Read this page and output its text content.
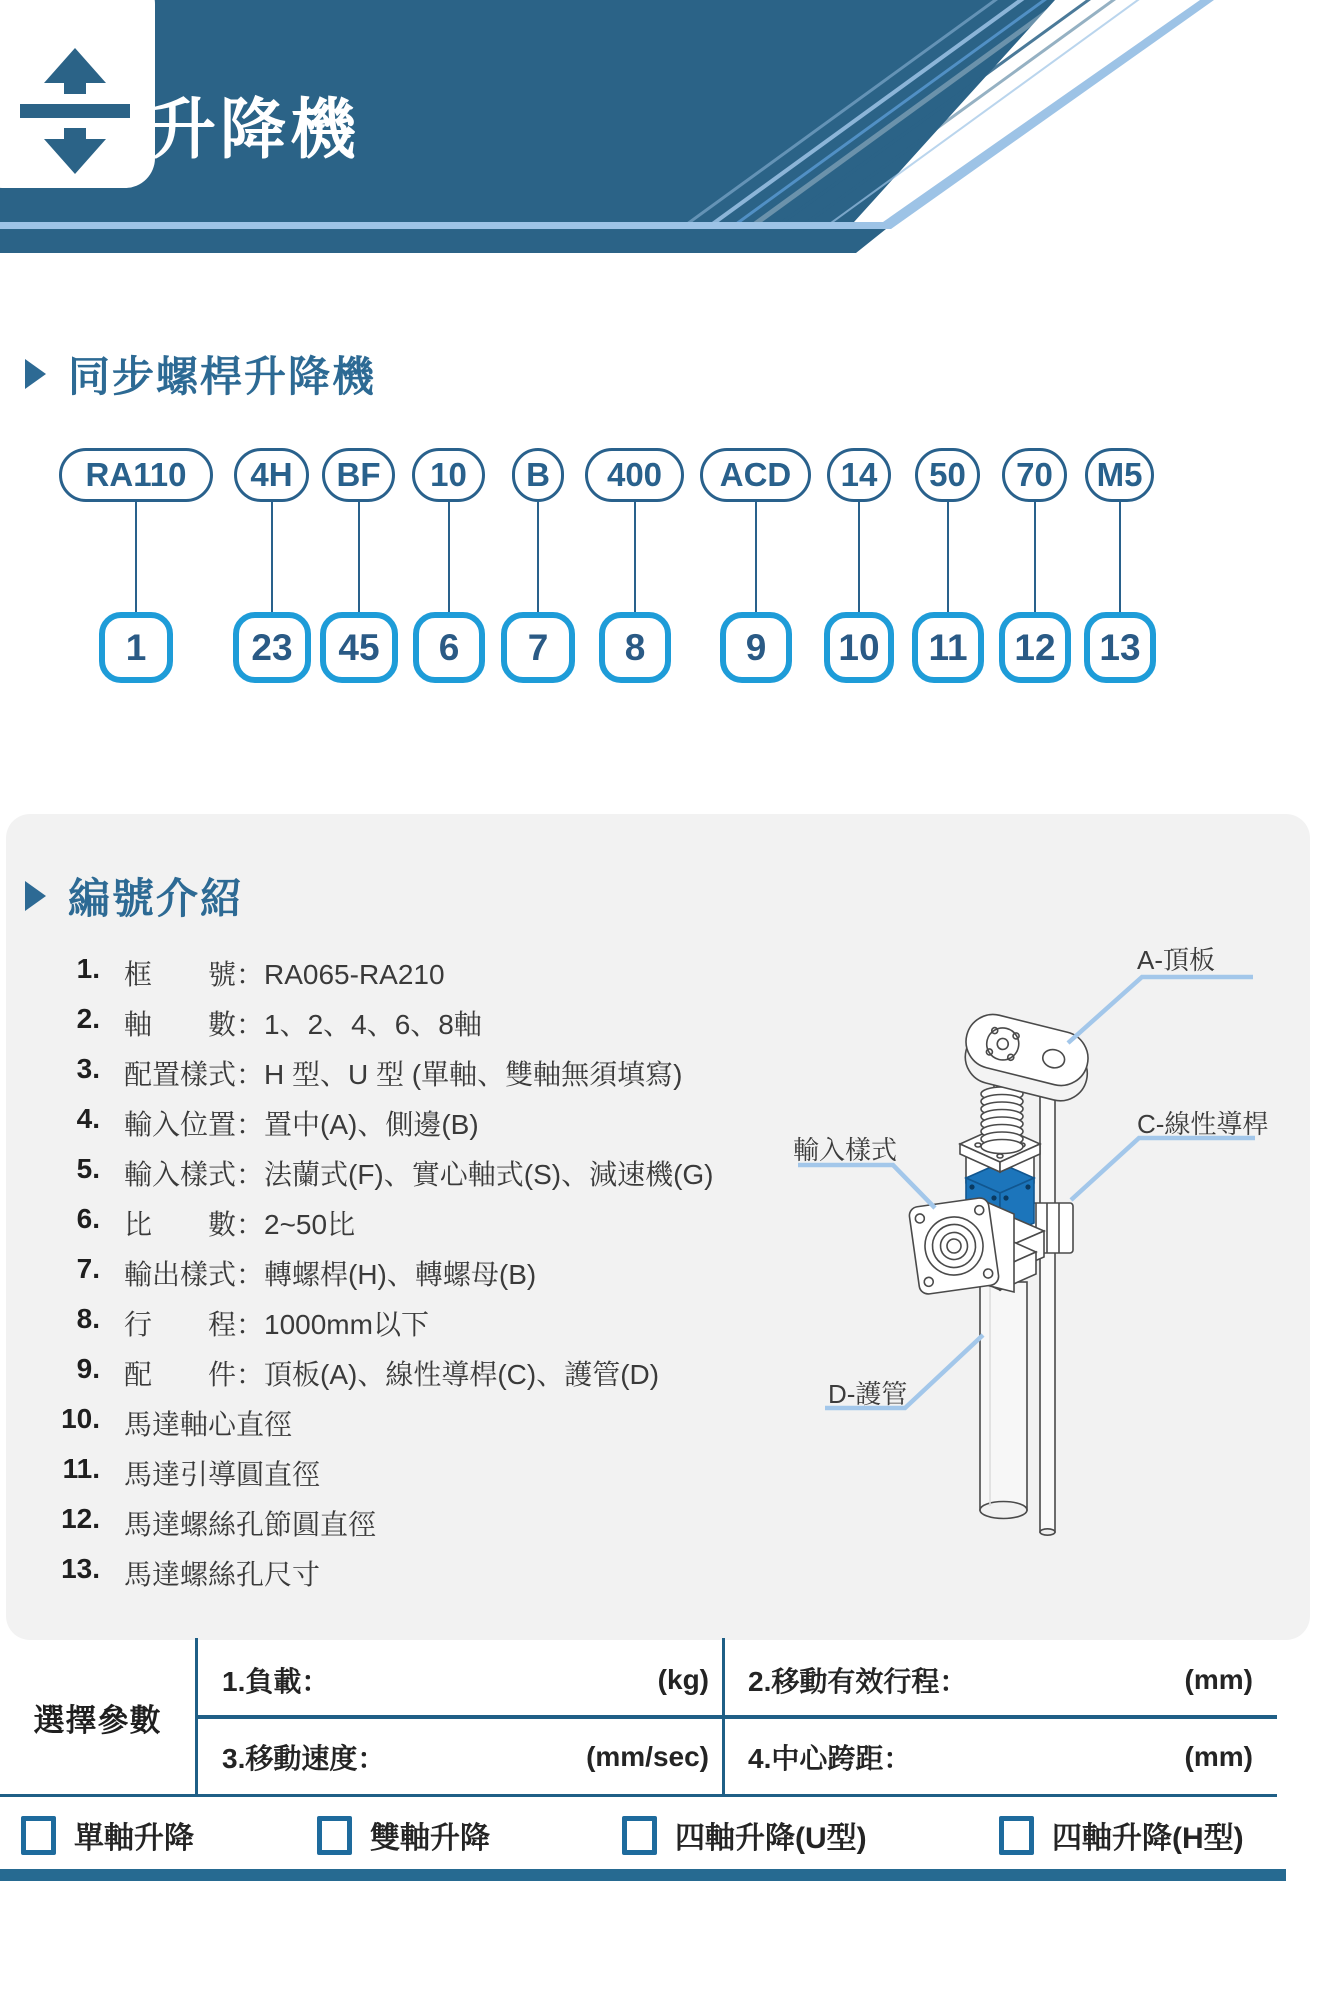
升降機
同步螺桿升降機
RA110	4H	BF	10	B	400	ACD	14	50	70	M5
1	23	45	6	7	8	9	10	11	12	13
編號介紹
1. 框　　號：RA065-RA210
2. 軸　　數：1、2、4、6、8軸
3. 配置樣式：H 型、U 型 (單軸、雙軸無須填寫)
4. 輸入位置：置中(A)、側邊(B)
5. 輸入樣式：法蘭式(F)、實心軸式(S)、減速機(G)
6. 比　　數：2~50比
7. 輸出樣式：轉螺桿(H)、轉螺母(B)
8. 行　　程：1000mm以下
9. 配　　件：頂板(A)、線性導桿(C)、護管(D)
10. 馬達軸心直徑
11. 馬達引導圓直徑
12. 馬達螺絲孔節圓直徑
13. 馬達螺絲孔尺寸
A-頂板
C-線性導桿
輸入樣式
D-護管
選擇參數
1.負載：	(kg) 2.移動有效行程：	(mm)
3.移動速度：	(mm/sec) 4.中心跨距：	(mm)
單軸升降	雙軸升降	四軸升降(U型)	四軸升降(H型)
